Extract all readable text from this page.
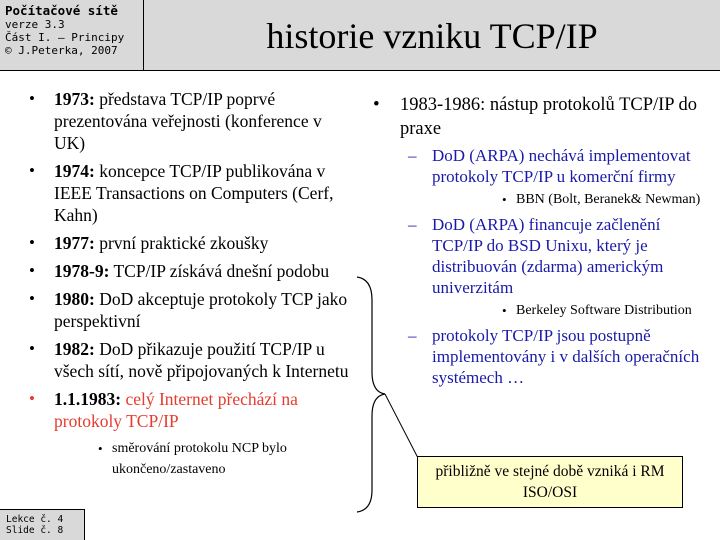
Počítačové sítě
verze 3.3
Část I. – Principy
© J.Peterka, 2007	historie vzniku TCP/IP
• 1973: představa TCP/IP poprvé prezentována veřejnosti (konference v UK)
• 1974: koncepce TCP/IP publikována v IEEE Transactions on Computers (Cerf, Kahn)
• 1977: první praktické zkoušky
• 1978-9: TCP/IP získává dnešní podobu
• 1980: DoD akceptuje protokoly TCP jako perspektivní
• 1982: DoD přikazuje použití TCP/IP u všech sítí, nově připojovaných k Internetu
• 1.1.1983: celý Internet přechází na protokoly TCP/IP
• směrování protokolu NCP bylo ukončeno/zastaveno
• 1983-1986: nástup protokolů TCP/IP do praxe
– DoD (ARPA) nechává implementovat protokoly TCP/IP u komerční firmy
• BBN (Bolt, Beranek& Newman)
– DoD (ARPA) financuje začlenění TCP/IP do BSD Unixu, který je distribuován (zdarma) americkým univerzitám
• Berkeley Software Distribution
– protokoly TCP/IP jsou postupně implementovány i v dalších operačních systémech …
přibližně ve stejné době vzniká i RM ISO/OSI
Lekce č. 4
Slide č. 8
